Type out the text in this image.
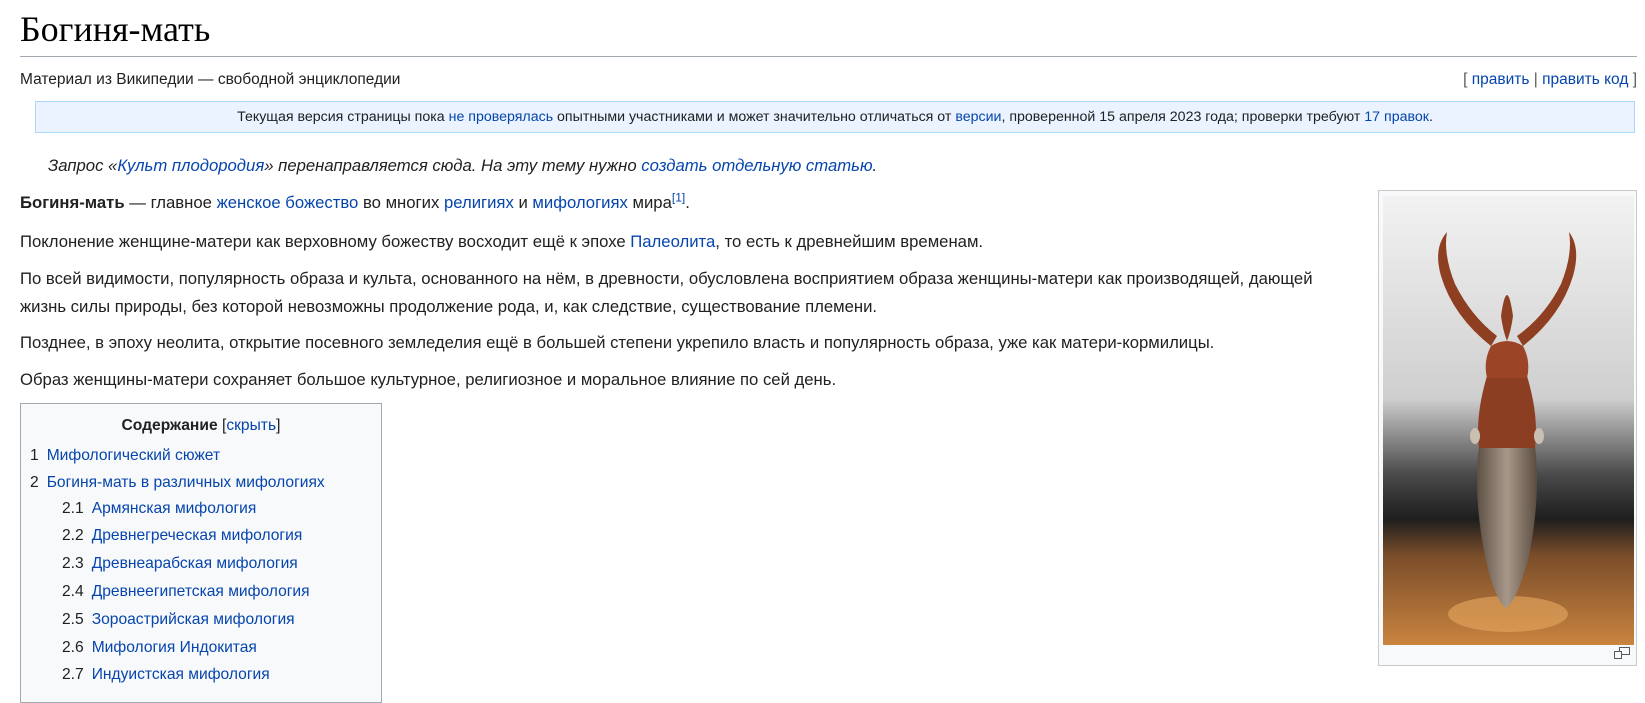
Богиня-мать
Материал из Википедии — свободной энциклопедии	[ править | править код ]
Текущая версия страницы пока не проверялась опытными участниками и может значительно отличаться от версии, проверенной 15 апреля 2023 года; проверки требуют 17 правок.
Запрос «Культ плодородия» перенаправляется сюда. На эту тему нужно создать отдельную статью.
Богиня-мать — главное женское божество во многих религиях и мифологиях мира[1].
Поклонение женщине-матери как верховному божеству восходит ещё к эпохе Палеолита, то есть к древнейшим временам.
По всей видимости, популярность образа и культа, основанного на нём, в древности, обусловлена восприятием образа женщины-матери как производящей, дающей жизнь силы природы, без которой невозможны продолжение рода, и, как следствие, существование племени.
Позднее, в эпоху неолита, открытие посевного земледелия ещё в большей степени укрепило власть и популярность образа, уже как матери-кормилицы.
Образ женщины-матери сохраняет большое культурное, религиозное и моральное влияние по сей день.
Содержание [скрыть]
1 Мифологический сюжет
2 Богиня-мать в различных мифологиях
2.1 Армянская мифология
2.2 Древнегреческая мифология
2.3 Древнеарабская мифология
2.4 Древнеегипетская мифология
2.5 Зороастрийская мифология
2.6 Мифология Индокитая
2.7 Индуистская мифология
